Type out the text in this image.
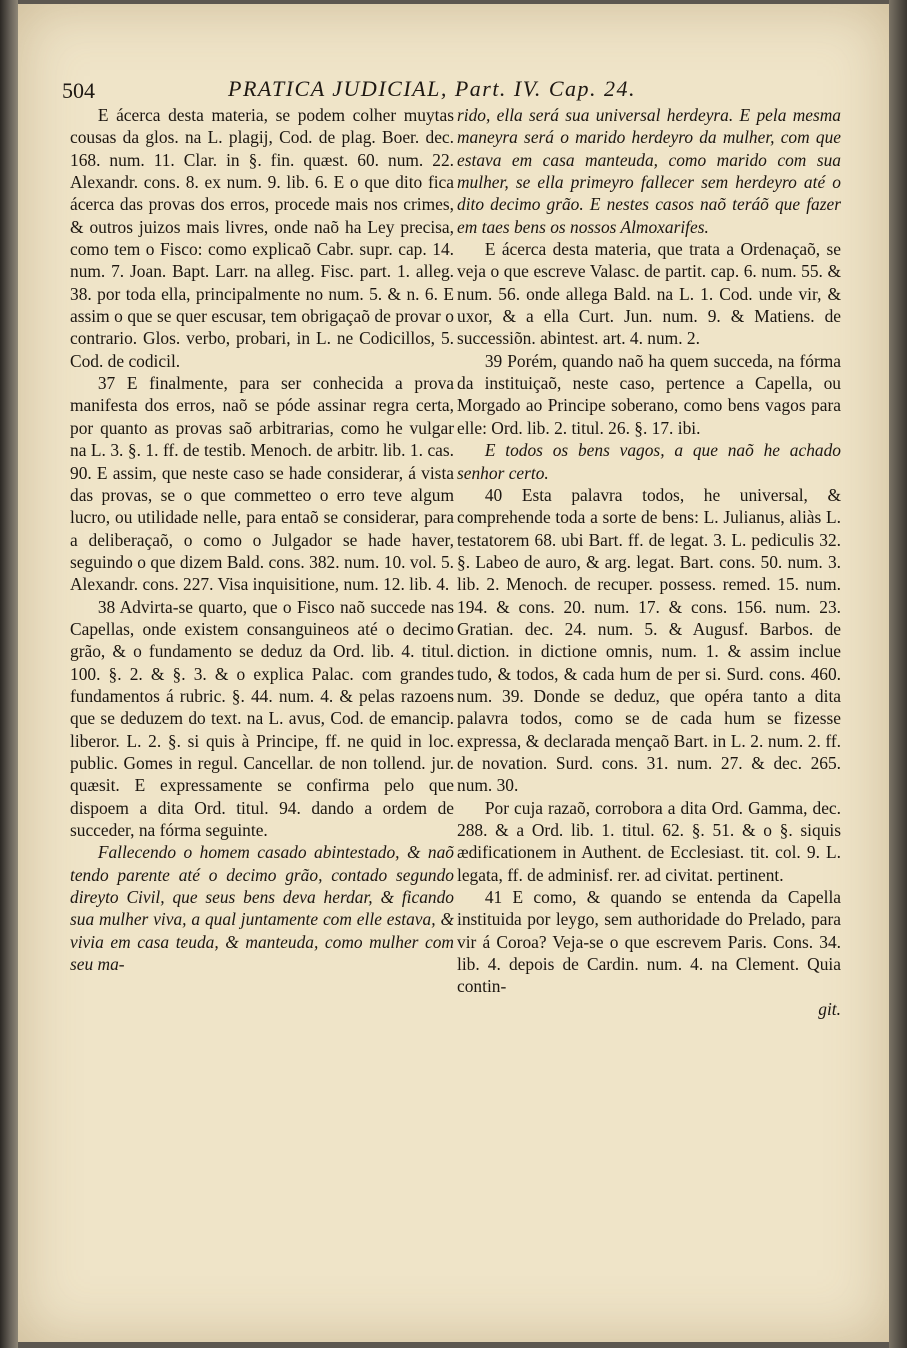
504	PRATICA JUDICIAL, Part. IV. Cap. 24.

E ácerca desta materia, se podem colher muytas cousas da glos. na L. plagij, Cod. de plag. Boer. dec. 168. num. 11. Clar. in §. fin. quæst. 60. num. 22. Alexandr. cons. 8. ex num. 9. lib. 6. E o que dito fica ácerca das provas dos erros, procede mais nos crimes, & outros juizos mais livres, onde naõ ha Ley precisa, como tem o Fisco: como explicaõ Cabr. supr. cap. 14. num. 7. Joan. Bapt. Larr. na alleg. Fisc. part. 1. alleg. 38. por toda ella, principalmente no num. 5. & n. 6. E assim o que se quer escusar, tem obrigaçaõ de provar o contrario. Glos. verbo, probari, in L. ne Codicillos, 5. Cod. de codicil.

37 E finalmente, para ser conhecida a prova manifesta dos erros, naõ se póde assinar regra certa, por quanto as provas saõ arbitrarias, como he vulgar na L. 3. §. 1. ff. de testib. Menoch. de arbitr. lib. 1. cas. 90. E assim, que neste caso se hade considerar, á vista das provas, se o que commetteo o erro teve algum lucro, ou utilidade nelle, para entaõ se considerar, para a deliberaçaõ, o como o Julgador se hade haver, seguindo o que dizem Bald. cons. 382. num. 10. vol. 5. Alexandr. cons. 227. Visa inquisitione, num. 12. lib. 4.

38 Advirta-se quarto, que o Fisco naõ succede nas Capellas, onde existem consanguineos até o decimo grão, & o fundamento se deduz da Ord. lib. 4. titul. 100. §. 2. & §. 3. & o explica Palac. com grandes fundamentos á rubric. §. 44. num. 4. & pelas razoens que se deduzem do text. na L. avus, Cod. de emancip. liberor. L. 2. §. si quis à Principe, ff. ne quid in loc. public. Gomes in regul. Cancellar. de non tollend. jur. quæsit. E expressamente se confirma pelo que dispoem a dita Ord. titul. 94. dando a ordem de succeder, na fórma seguinte.

Fallecendo o homem casado abintestado, & naõ tendo parente até o decimo grão, contado segundo direyto Civil, que seus bens deva herdar, & ficando sua mulher viva, a qual juntamente com elle estava, & vivia em casa teuda, & manteuda, como mulher com seu ma-

rido, ella será sua universal herdeyra. E pela mesma maneyra será o marido herdeyro da mulher, com que estava em casa manteuda, como marido com sua mulher, se ella primeyro fallecer sem herdeyro até o dito decimo grão. E nestes casos naõ teráõ que fazer em taes bens os nossos Almoxarifes.

E ácerca desta materia, que trata a Ordenaçaõ, se veja o que escreve Valasc. de partit. cap. 6. num. 55. & num. 56. onde allega Bald. na L. 1. Cod. unde vir, & uxor, & a ella Curt. Jun. num. 9. & Matiens. de successiõn. abintest. art. 4. num. 2.

39 Porém, quando naõ ha quem succeda, na fórma da instituiçaõ, neste caso, pertence a Capella, ou Morgado ao Principe soberano, como bens vagos para elle: Ord. lib. 2. titul. 26. §. 17. ibi.

E todos os bens vagos, a que naõ he achado senhor certo.

40 Esta palavra todos, he universal, & comprehende toda a sorte de bens: L. Julianus, aliàs L. testatorem 68. ubi Bart. ff. de legat. 3. L. pediculis 32. §. Labeo de auro, & arg. legat. Bart. cons. 50. num. 3. lib. 2. Menoch. de recuper. possess. remed. 15. num. 194. & cons. 20. num. 17. & cons. 156. num. 23. Gratian. dec. 24. num. 5. & Augusf. Barbos. de diction. in dictione omnis, num. 1. & assim inclue tudo, & todos, & cada hum de per si. Surd. cons. 460. num. 39. Donde se deduz, que opéra tanto a dita palavra todos, como se de cada hum se fizesse expressa, & declarada mençaõ Bart. in L. 2. num. 2. ff. de novation. Surd. cons. 31. num. 27. & dec. 265. num. 30.

Por cuja razaõ, corrobora a dita Ord. Gamma, dec. 288. & a Ord. lib. 1. titul. 62. §. 51. & o §. siquis ædificationem in Authent. de Ecclesiast. tit. col. 9. L. legata, ff. de adminisf. rer. ad civitat. pertinent.

41 E como, & quando se entenda da Capella instituida por leygo, sem authoridade do Prelado, para vir á Coroa? Veja-se o que escrevem Paris. Cons. 34. lib. 4. depois de Cardin. num. 4. na Clement. Quia contin-

git.
